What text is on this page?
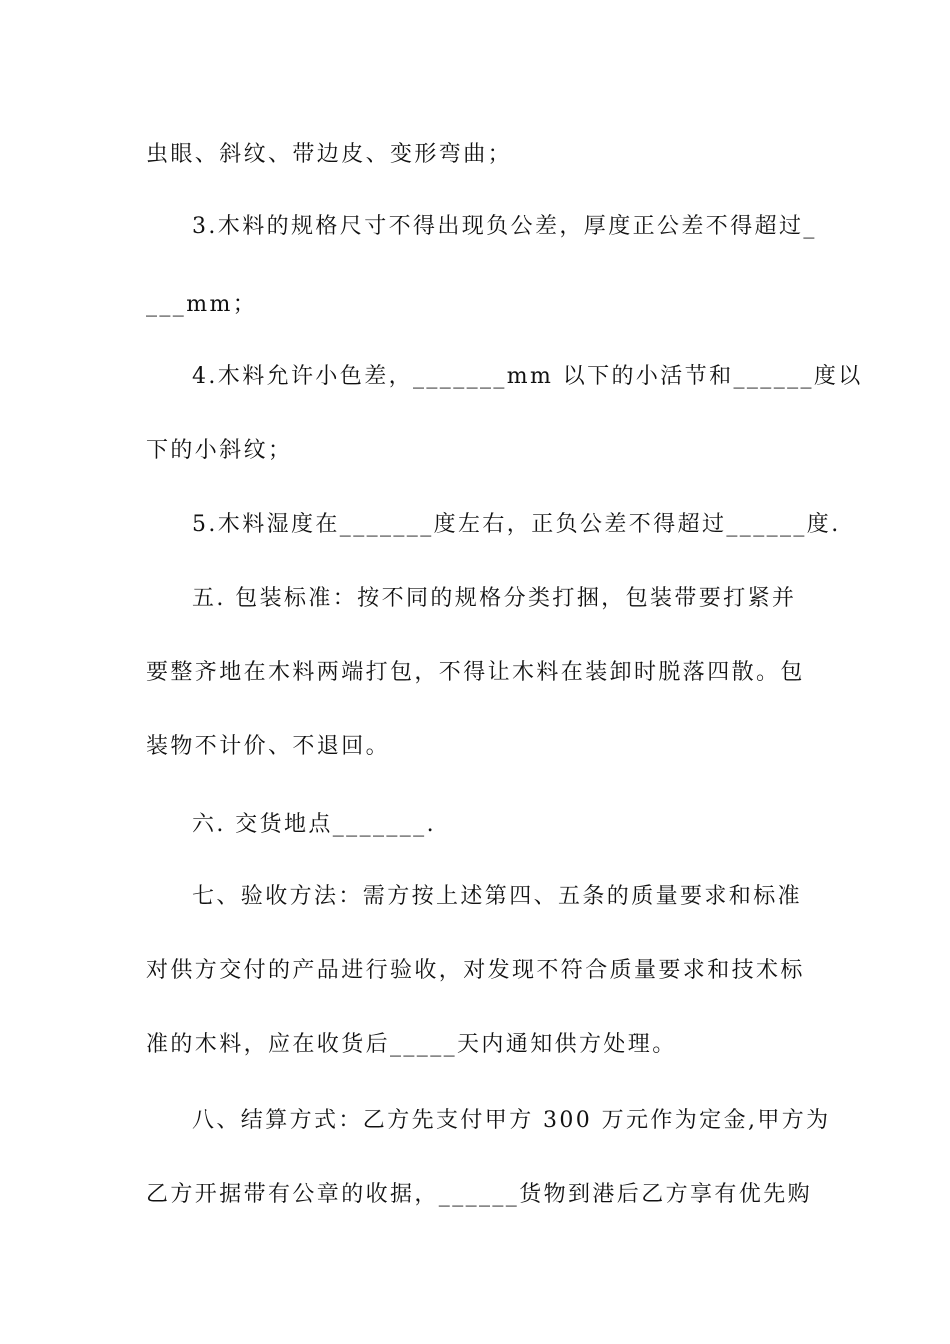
虫眼、斜纹、带边皮、变形弯曲；
3.木料的规格尺寸不得出现负公差，厚度正公差不得超过_
___mm；
4.木料允许小色差，_______mm 以下的小活节和______度以
下的小斜纹；
5.木料湿度在_______度左右，正负公差不得超过______度.
五. 包装标准：按不同的规格分类打捆，包装带要打紧并
要整齐地在木料两端打包，不得让木料在装卸时脱落四散。包
装物不计价、不退回。
六. 交货地点_______.
七、验收方法：需方按上述第四、五条的质量要求和标准
对供方交付的产品进行验收，对发现不符合质量要求和技术标
准的木料，应在收货后_____天内通知供方处理。
八、结算方式：乙方先支付甲方 300 万元作为定金,甲方为
乙方开据带有公章的收据，______货物到港后乙方享有优先购
